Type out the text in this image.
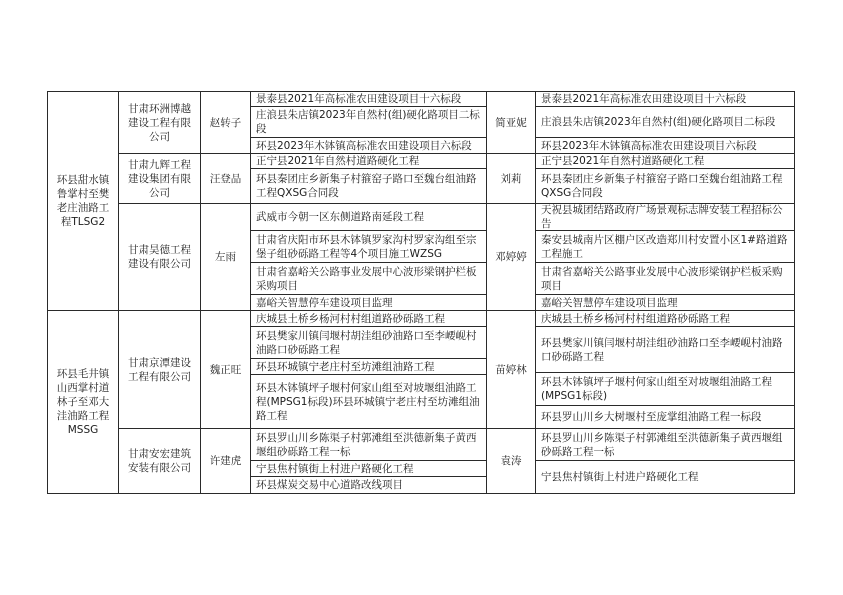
环县甜水镇鲁掌村至樊老庄油路工程TLSG2
甘肃环洲博越建设工程有限公司
赵转子
景泰县2021年高标准农田建设项目十六标段
庄浪县朱店镇2023年自然村(组)硬化路项目二标段
环县2023年木钵镇高标准农田建设项目六标段
简亚妮
景泰县2021年高标准农田建设项目十六标段
庄浪县朱店镇2023年自然村(组)硬化路项目二标段
环县2023年木钵镇高标准农田建设项目六标段
甘肃九辉工程建设集团有限公司
汪登品
正宁县2021年自然村道路硬化工程
环县秦团庄乡新集子村箍窑子路口至魏台组油路工程QXSG合同段
刘莉
正宁县2021年自然村道路硬化工程
环县秦团庄乡新集子村箍窑子路口至魏台组油路工程QXSG合同段
甘肃昊德工程建设有限公司
左雨
武威市今朝一区东侧道路南延段工程
甘肃省庆阳市环县木钵镇罗家沟村罗家沟组至宗堡子组砂砾路工程等4个项目施工WZSG
甘肃省嘉峪关公路事业发展中心波形梁钢护栏板采购项目
嘉峪关智慧停车建设项目监理
邓婷婷
天祝县城团结路政府广场景观标志牌安装工程招标公告
秦安县城南片区棚户区改造郑川村安置小区1#路道路工程施工
甘肃省嘉峪关公路事业发展中心波形梁钢护栏板采购项目
嘉峪关智慧停车建设项目监理
环县毛井镇山西掌村道林子至邓大洼油路工程MSSG
甘肃京潭建设工程有限公司
魏正旺
庆城县土桥乡杨河村村组道路砂砾路工程
环县樊家川镇闫堰村胡洼组砂油路口至李崾岘村油路口砂砾路工程
环县环城镇宁老庄村至坊滩组油路工程
环县木钵镇坪子堰村何家山组至对坡堰组油路工程(MPSG1标段)环县环城镇宁老庄村至坊滩组油路工程
苗婷林
庆城县土桥乡杨河村村组道路砂砾路工程
环县樊家川镇闫堰村胡洼组砂油路口至李崾岘村油路口砂砾路工程
环县木钵镇坪子堰村何家山组至对坡堰组油路工程(MPSG1标段)
环县罗山川乡大树堰村至庞掌组油路工程一标段
甘肃安宏建筑安装有限公司
许建虎
环县罗山川乡陈渠子村郭滩组至洪德新集子黄西堰组砂砾路工程一标
宁县焦村镇街上村进户路硬化工程
环县煤炭交易中心道路改线项目
袁涛
环县罗山川乡陈渠子村郭滩组至洪德新集子黄西堰组砂砾路工程一标
宁县焦村镇街上村进户路硬化工程
